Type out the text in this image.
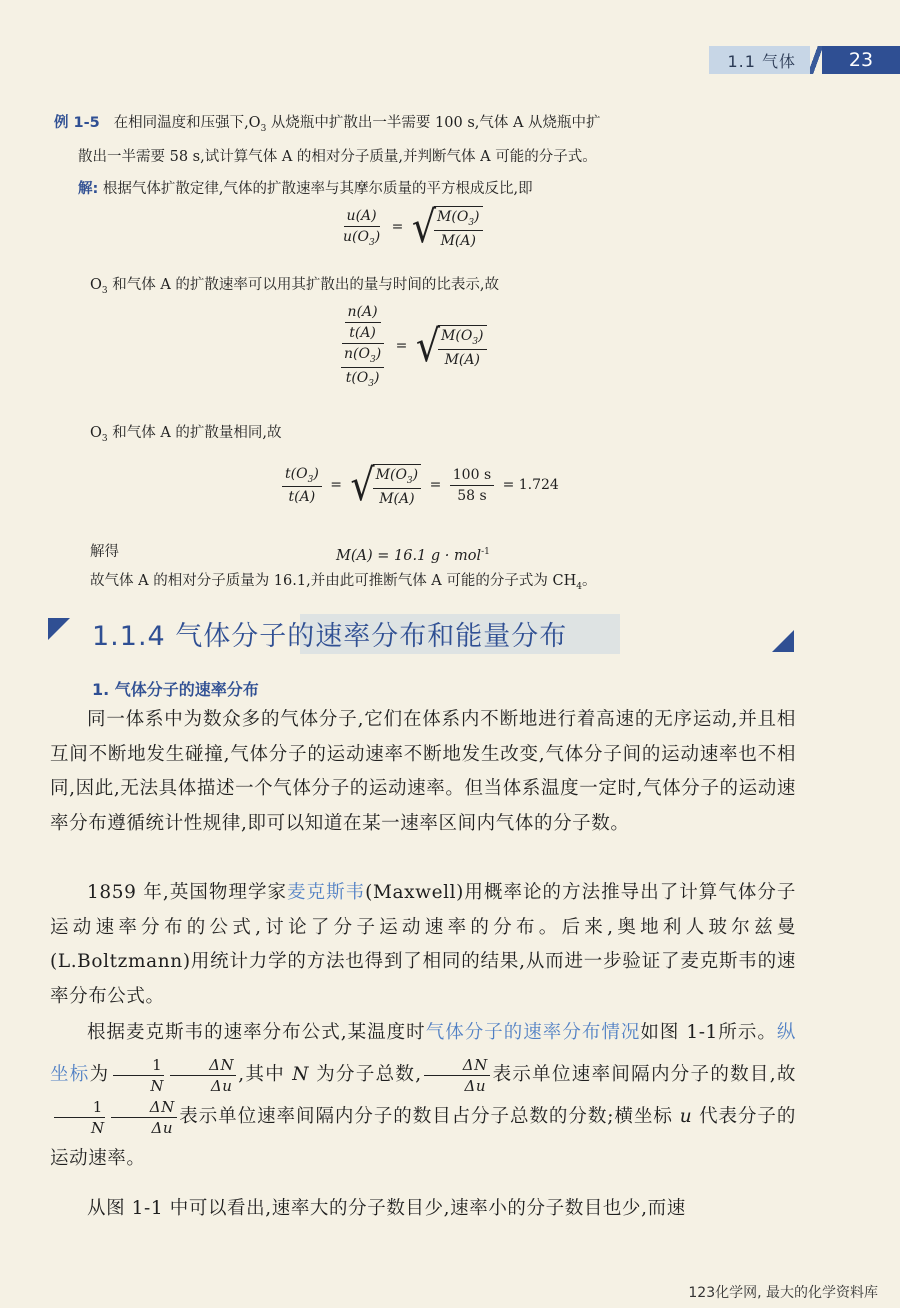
1.1 气体	23
例 1-5 在相同温度和压强下$,O_3$ 从烧瓶中扩散出一半需要 100 s,气体 A 从烧瓶中扩
散出一半需要 58 s,试计算气体 A 的相对分子质量,并判断气体 A 可能的分子式。
解: 根据气体扩散定律,气体的扩散速率与其摩尔质量的平方根成反比,即
$\frac{u(A)}{u(O_3)}$ = √
$\frac{M(O_3)}{M(A)}$
$O_3$ 和气体 A 的扩散速率可以用其扩散出的量与时间的比表示,故
$\frac{\frac{n(A)}{t(A)}}{\frac{n(O_3)}{t(O_3)}}$ = √
$\frac{M(O_3)}{M(A)}$
$O_3$ 和气体 A 的扩散量相同,故
$\frac{t(O_3)}{t(A)}$ = √
$\frac{M(O_3)}{M(A)} = \frac{100 s}{58 s} = 1.724$
解得	M(A) = 16.1 g · mol$^{-1}$
故气体 A 的相对分子质量为 16.1,并由此可推断气体 A 可能的分子式为 $CH_4$。
1.1.4 气体分子的速率分布和能量分布
1. 气体分子的速率分布

同一体系中为数众多的气体分子,它们在体系内不断地进行着高速的无序运动,并且相互间不断地发生碰撞,气体分子的运动速率不断地发生改变,气体分子间的运动速率也不相同,因此,无法具体描述一个气体分子的运动速率。但当体系温度一定时,气体分子的运动速率分布遵循统计性规律,即可以知道在某一速率区间内气体的分子数。

1859 年,英国物理学家麦克斯韦(Maxwell)用概率论的方法推导出了计算气体分子运动速率分布的公式,讨论了分子运动速率的分布。后来,奥地利人玻尔兹曼(L.Boltzmann)用统计力学的方法也得到了相同的结果,从而进一步验证了麦克斯韦的速率分布公式。

根据麦克斯韦的速率分布公式,某温度时气体分子的速率分布情况如图 1-1所示。纵坐标为 $\frac{1}{N} \frac{\Delta N}{\Delta u}$ ,其中 N 为分子总数, $\frac{\Delta N}{\Delta u}$ 表示单位速率间隔内分子的数目,故
$\frac{1}{N} \frac{\Delta N}{\Delta u}$ 表示单位速率间隔内分子的数目占分子总数的分数;横坐标 u 代表分子的运动速率。

从图 1-1 中可以看出,速率大的分子数目少,速率小的分子数目也少,而速

123化学网, 最大的化学资料库
